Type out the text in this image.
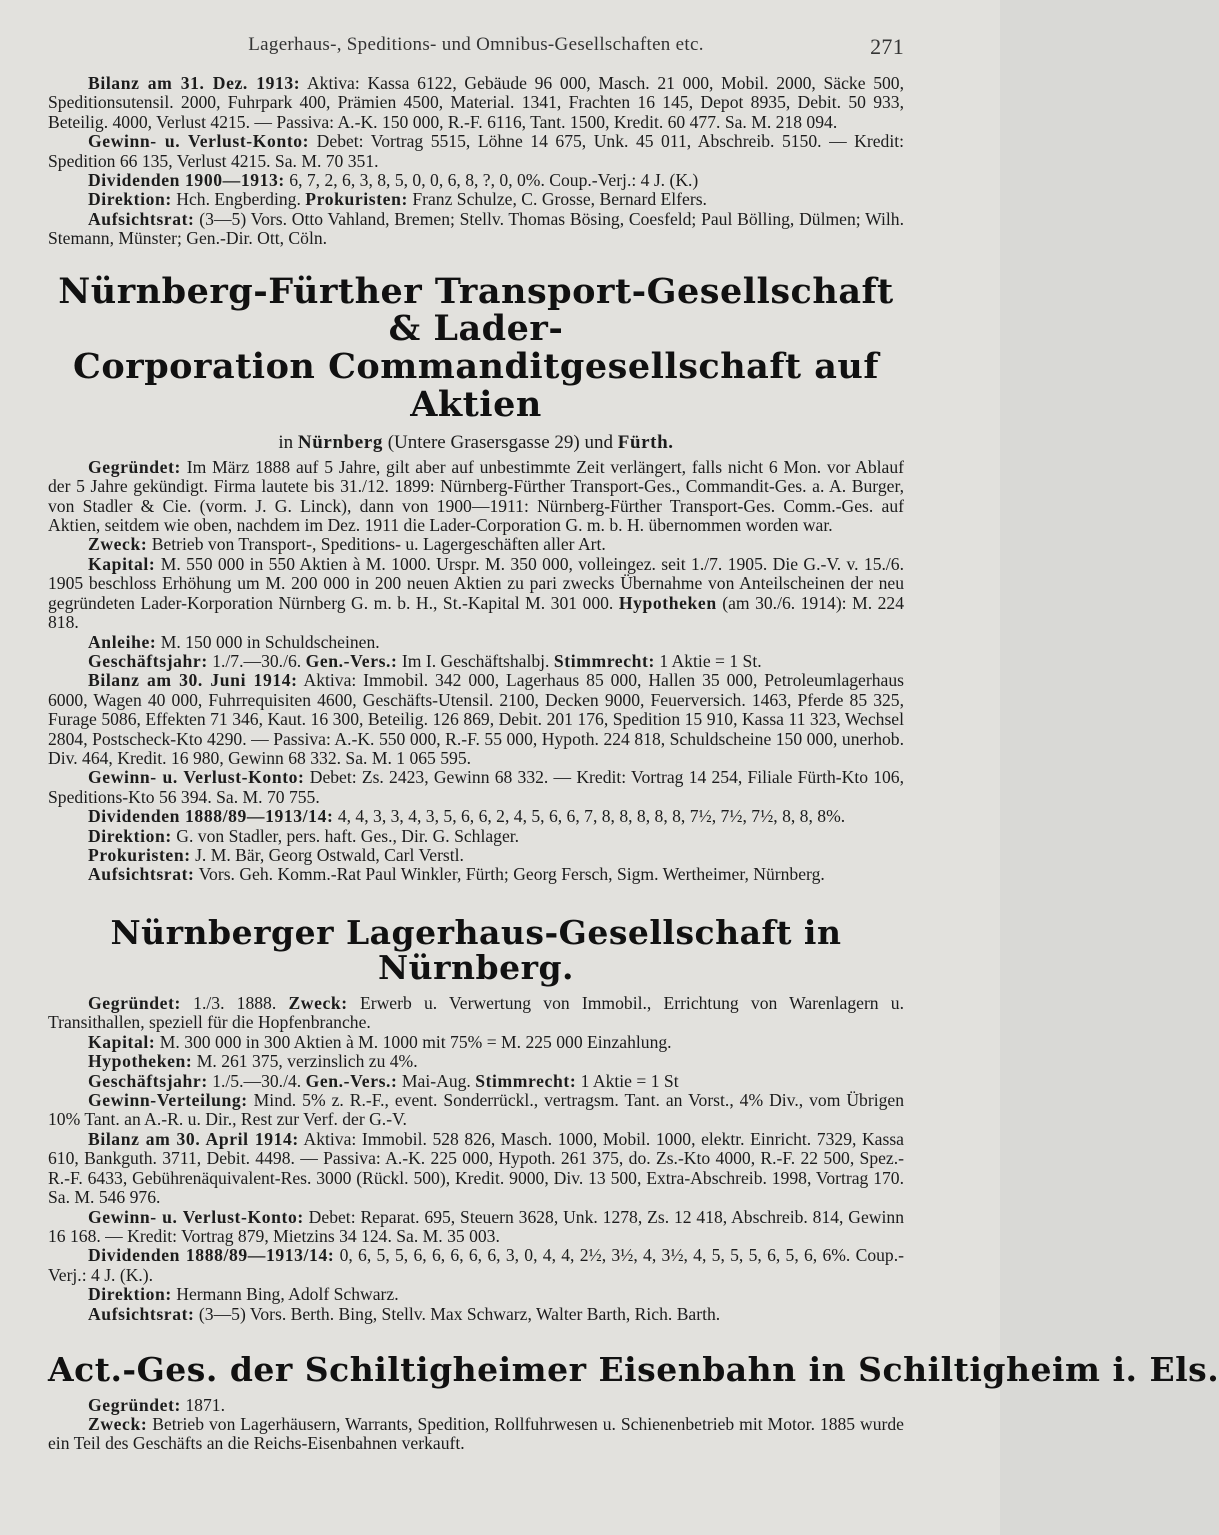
Lagerhaus-, Speditions- und Omnibus-Gesellschaften etc.	271

Bilanz am 31. Dez. 1913: Aktiva: Kassa 6122, Gebäude 96 000, Masch. 21 000, Mobil. 2000, Säcke 500, Speditionsutensil. 2000, Fuhrpark 400, Prämien 4500, Material. 1341, Frachten 16 145, Depot 8935, Debit. 50 933, Beteilig. 4000, Verlust 4215. — Passiva: A.-K. 150 000, R.-F. 6116, Tant. 1500, Kredit. 60 477. Sa. M. 218 094.

Gewinn- u. Verlust-Konto: Debet: Vortrag 5515, Löhne 14 675, Unk. 45 011, Abschreib. 5150. — Kredit: Spedition 66 135, Verlust 4215. Sa. M. 70 351.

Dividenden 1900—1913: 6, 7, 2, 6, 3, 8, 5, 0, 0, 6, 8, ?, 0, 0%. Coup.-Verj.: 4 J. (K.)

Direktion: Hch. Engberding. Prokuristen: Franz Schulze, C. Grosse, Bernard Elfers.

Aufsichtsrat: (3—5) Vors. Otto Vahland, Bremen; Stellv. Thomas Bösing, Coesfeld; Paul Bölling, Dülmen; Wilh. Stemann, Münster; Gen.-Dir. Ott, Cöln.

Nürnberg-Fürther Transport-Gesellschaft & Lader-
Corporation Commanditgesellschaft auf Aktien
in Nürnberg (Untere Grasersgasse 29) und Fürth.

Gegründet: Im März 1888 auf 5 Jahre, gilt aber auf unbestimmte Zeit verlängert, falls nicht 6 Mon. vor Ablauf der 5 Jahre gekündigt. Firma lautete bis 31./12. 1899: Nürnberg-Fürther Transport-Ges., Commandit-Ges. a. A. Burger, von Stadler & Cie. (vorm. J. G. Linck), dann von 1900—1911: Nürnberg-Fürther Transport-Ges. Comm.-Ges. auf Aktien, seitdem wie oben, nachdem im Dez. 1911 die Lader-Corporation G. m. b. H. übernommen worden war.

Zweck: Betrieb von Transport-, Speditions- u. Lagergeschäften aller Art.

Kapital: M. 550 000 in 550 Aktien à M. 1000. Urspr. M. 350 000, volleingez. seit 1./7. 1905. Die G.-V. v. 15./6. 1905 beschloss Erhöhung um M. 200 000 in 200 neuen Aktien zu pari zwecks Übernahme von Anteilscheinen der neu gegründeten Lader-Korporation Nürnberg G. m. b. H., St.-Kapital M. 301 000. Hypotheken (am 30./6. 1914): M. 224 818.

Anleihe: M. 150 000 in Schuldscheinen.

Geschäftsjahr: 1./7.—30./6. Gen.-Vers.: Im I. Geschäftshalbj. Stimmrecht: 1 Aktie = 1 St.

Bilanz am 30. Juni 1914: Aktiva: Immobil. 342 000, Lagerhaus 85 000, Hallen 35 000, Petroleumlagerhaus 6000, Wagen 40 000, Fuhrrequisiten 4600, Geschäfts-Utensil. 2100, Decken 9000, Feuerversich. 1463, Pferde 85 325, Furage 5086, Effekten 71 346, Kaut. 16 300, Beteilig. 126 869, Debit. 201 176, Spedition 15 910, Kassa 11 323, Wechsel 2804, Postscheck-Kto 4290. — Passiva: A.-K. 550 000, R.-F. 55 000, Hypoth. 224 818, Schuldscheine 150 000, unerhob. Div. 464, Kredit. 16 980, Gewinn 68 332. Sa. M. 1 065 595.

Gewinn- u. Verlust-Konto: Debet: Zs. 2423, Gewinn 68 332. — Kredit: Vortrag 14 254, Filiale Fürth-Kto 106, Speditions-Kto 56 394. Sa. M. 70 755.

Dividenden 1888/89—1913/14: 4, 4, 3, 3, 4, 3, 5, 6, 6, 2, 4, 5, 6, 6, 7, 8, 8, 8, 8, 8, 7½, 7½, 7½, 8, 8, 8%.

Direktion: G. von Stadler, pers. haft. Ges., Dir. G. Schlager.

Prokuristen: J. M. Bär, Georg Ostwald, Carl Verstl.

Aufsichtsrat: Vors. Geh. Komm.-Rat Paul Winkler, Fürth; Georg Fersch, Sigm. Wertheimer, Nürnberg.

Nürnberger Lagerhaus-Gesellschaft in Nürnberg.

Gegründet: 1./3. 1888. Zweck: Erwerb u. Verwertung von Immobil., Errichtung von Warenlagern u. Transithallen, speziell für die Hopfenbranche.

Kapital: M. 300 000 in 300 Aktien à M. 1000 mit 75% = M. 225 000 Einzahlung.

Hypotheken: M. 261 375, verzinslich zu 4%.

Geschäftsjahr: 1./5.—30./4. Gen.-Vers.: Mai-Aug. Stimmrecht: 1 Aktie = 1 St

Gewinn-Verteilung: Mind. 5% z. R.-F., event. Sonderrückl., vertragsm. Tant. an Vorst., 4% Div., vom Übrigen 10% Tant. an A.-R. u. Dir., Rest zur Verf. der G.-V.

Bilanz am 30. April 1914: Aktiva: Immobil. 528 826, Masch. 1000, Mobil. 1000, elektr. Einricht. 7329, Kassa 610, Bankguth. 3711, Debit. 4498. — Passiva: A.-K. 225 000, Hypoth. 261 375, do. Zs.-Kto 4000, R.-F. 22 500, Spez.-R.-F. 6433, Gebührenäquivalent-Res. 3000 (Rückl. 500), Kredit. 9000, Div. 13 500, Extra-Abschreib. 1998, Vortrag 170. Sa. M. 546 976.

Gewinn- u. Verlust-Konto: Debet: Reparat. 695, Steuern 3628, Unk. 1278, Zs. 12 418, Abschreib. 814, Gewinn 16 168. — Kredit: Vortrag 879, Mietzins 34 124. Sa. M. 35 003.

Dividenden 1888/89—1913/14: 0, 6, 5, 5, 6, 6, 6, 6, 6, 3, 0, 4, 4, 2½, 3½, 4, 3½, 4, 5, 5, 5, 6, 5, 6, 6%. Coup.-Verj.: 4 J. (K.).

Direktion: Hermann Bing, Adolf Schwarz.

Aufsichtsrat: (3—5) Vors. Berth. Bing, Stellv. Max Schwarz, Walter Barth, Rich. Barth.

Act.-Ges. der Schiltigheimer Eisenbahn in Schiltigheim i. Els.

Gegründet: 1871.

Zweck: Betrieb von Lagerhäusern, Warrants, Spedition, Rollfuhrwesen u. Schienenbetrieb mit Motor. 1885 wurde ein Teil des Geschäfts an die Reichs-Eisenbahnen verkauft.
